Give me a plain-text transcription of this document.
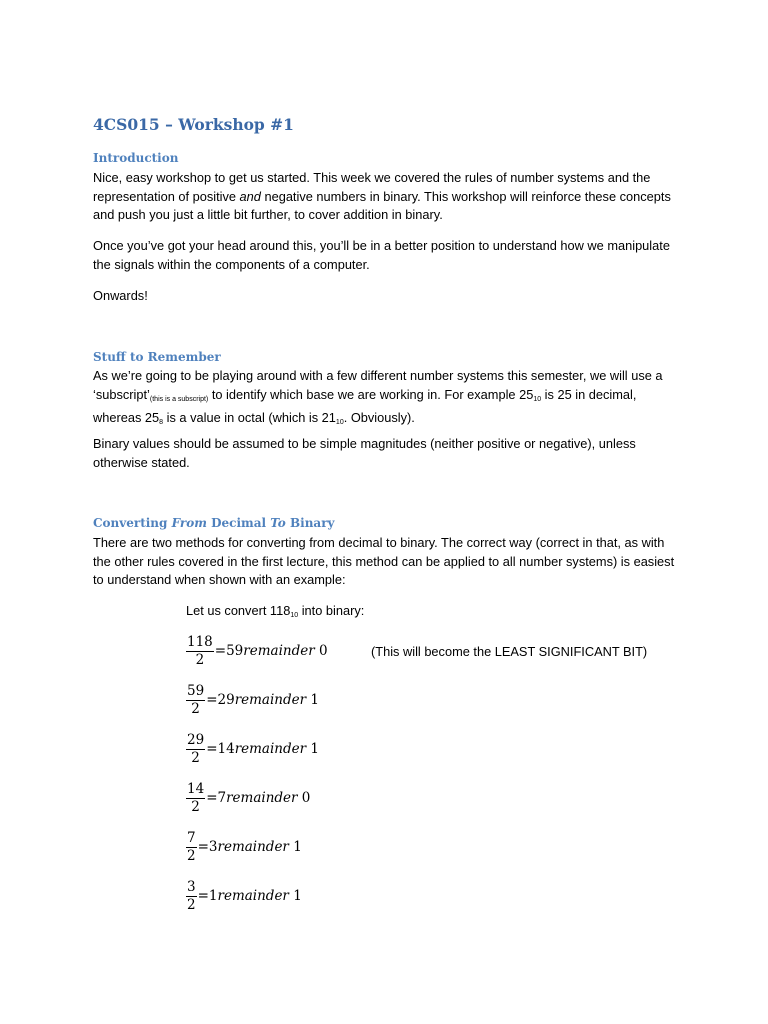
4CS015 – Workshop #1
Introduction

Nice, easy workshop to get us started. This week we covered the rules of number systems and the representation of positive and negative numbers in binary. This workshop will reinforce these concepts and push you just a little bit further, to cover addition in binary.

Once you’ve got your head around this, you’ll be in a better position to understand how we manipulate the signals within the components of a computer.

Onwards!

Stuff to Remember

As we’re going to be playing around with a few different number systems this semester, we will use a ‘subscript’(this is a subscript) to identify which base we are working in. For example $25_{10}$ is 25 in decimal, whereas $25_8$ is a value in octal (which is $21_{10}$. Obviously).

Binary values should be assumed to be simple magnitudes (neither positive or negative), unless otherwise stated.

Converting From Decimal To Binary

There are two methods for converting from decimal to binary. The correct way (correct in that, as with the other rules covered in the first lecture, this method can be applied to all number systems) is easiest to understand when shown with an example:

Let us convert $118_{10}$ into binary:

$\frac{118}{2} = 59$ remainder
0	(This will become the LEAST SIGNIFICANT BIT)
$\frac{59}{2} = 29$ remainder
1
$\frac{29}{2} = 14$ remainder
1
$\frac{14}{2} = 7$ remainder
0
$\frac{7}{2} = 3$ remainder
1
$\frac{3}{2} = 1$ remainder
1
